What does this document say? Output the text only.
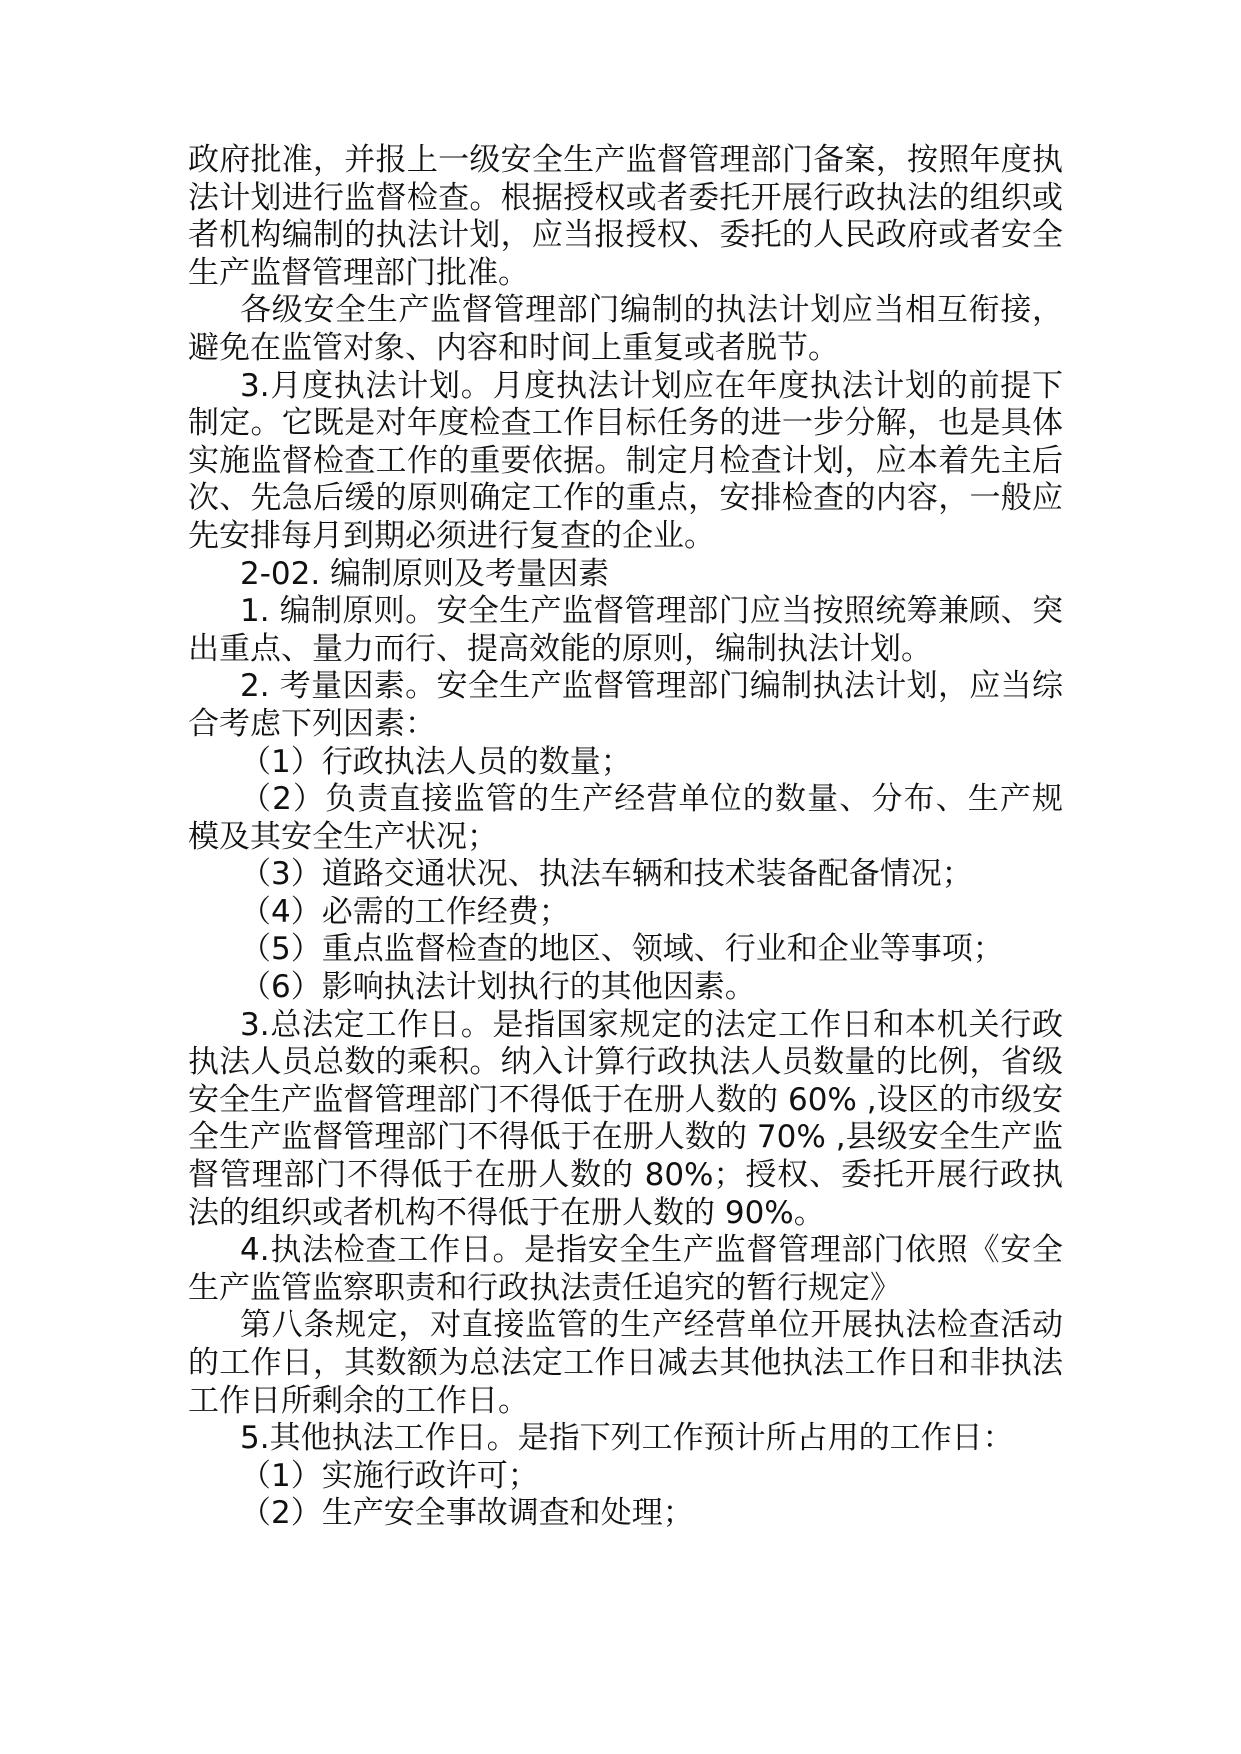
政府批准，并报上一级安全生产监督管理部门备案，按照年度执法计划进行监督检查。根据授权或者委托开展行政执法的组织或者机构编制的执法计划，应当报授权、委托的人民政府或者安全生产监督管理部门批准。

各级安全生产监督管理部门编制的执法计划应当相互衔接，避免在监管对象、内容和时间上重复或者脱节。

3.月度执法计划。月度执法计划应在年度执法计划的前提下制定。它既是对年度检查工作目标任务的进一步分解，也是具体实施监督检查工作的重要依据。制定月检查计划，应本着先主后次、先急后缓的原则确定工作的重点，安排检查的内容，一般应先安排每月到期必须进行复查的企业。

2-02. 编制原则及考量因素

1. 编制原则。安全生产监督管理部门应当按照统筹兼顾、突出重点、量力而行、提高效能的原则，编制执法计划。

2. 考量因素。安全生产监督管理部门编制执法计划，应当综合考虑下列因素：

（1）行政执法人员的数量；

（2）负责直接监管的生产经营单位的数量、分布、生产规模及其安全生产状况；

（3）道路交通状况、执法车辆和技术装备配备情况；

（4）必需的工作经费；

（5）重点监督检查的地区、领域、行业和企业等事项；

（6）影响执法计划执行的其他因素。

3.总法定工作日。是指国家规定的法定工作日和本机关行政执法人员总数的乘积。纳入计算行政执法人员数量的比例，省级安全生产监督管理部门不得低于在册人数的 60% ,设区的市级安全生产监督管理部门不得低于在册人数的 70% ,县级安全生产监督管理部门不得低于在册人数的 80%；授权、委托开展行政执法的组织或者机构不得低于在册人数的 90%。

4.执法检查工作日。是指安全生产监督管理部门依照《安全生产监管监察职责和行政执法责任追究的暂行规定》

第八条规定，对直接监管的生产经营单位开展执法检查活动的工作日，其数额为总法定工作日减去其他执法工作日和非执法工作日所剩余的工作日。

5.其他执法工作日。是指下列工作预计所占用的工作日：

（1）实施行政许可；

（2）生产安全事故调查和处理；
